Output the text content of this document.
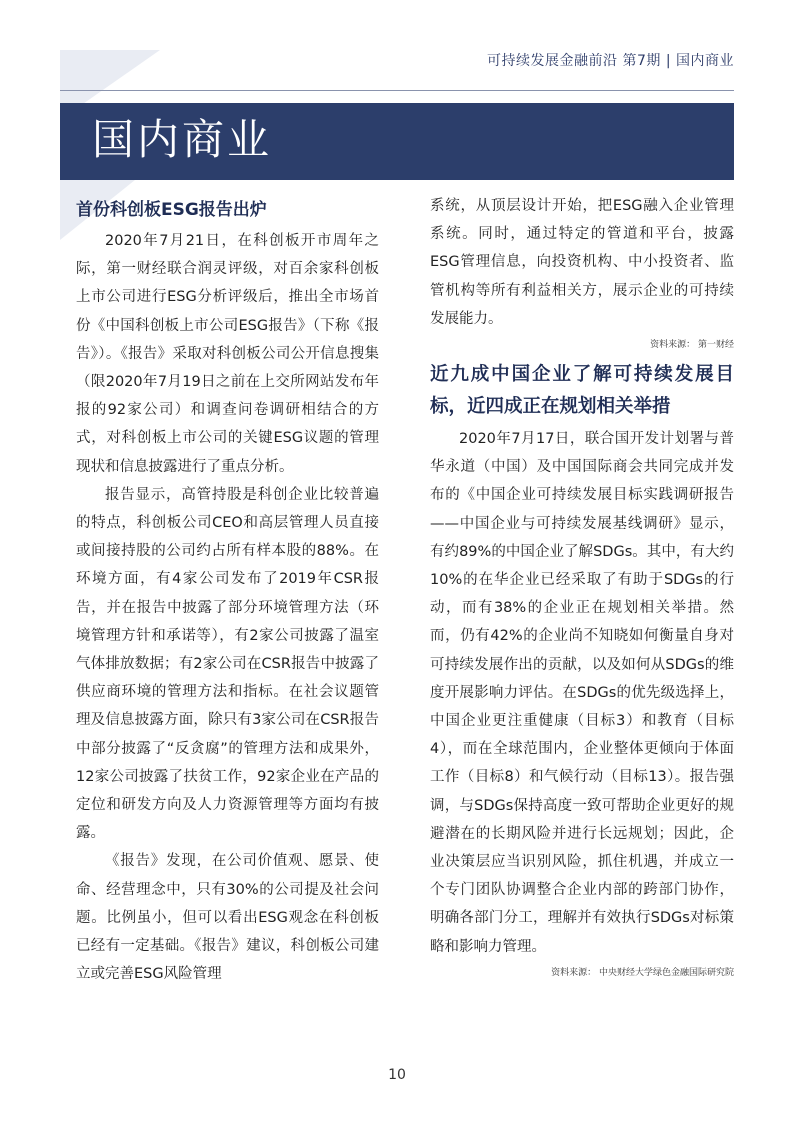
可持续发展金融前沿 第7期 | 国内商业
国内商业
首份科创板ESG报告出炉

2020年7月21日，在科创板开市周年之际，第一财经联合润灵评级，对百余家科创板上市公司进行ESG分析评级后，推出全市场首份《中国科创板上市公司ESG报告》（下称《报告》）。《报告》采取对科创板公司公开信息搜集（限2020年7月19日之前在上交所网站发布年报的92家公司）和调查问卷调研相结合的方式，对科创板上市公司的关键ESG议题的管理现状和信息披露进行了重点分析。

报告显示，高管持股是科创企业比较普遍的特点，科创板公司CEO和高层管理人员直接或间接持股的公司约占所有样本股的88%。在环境方面，有4家公司发布了2019年CSR报告，并在报告中披露了部分环境管理方法（环境管理方针和承诺等），有2家公司披露了温室气体排放数据；有2家公司在CSR报告中披露了供应商环境的管理方法和指标。在社会议题管理及信息披露方面，除只有3家公司在CSR报告中部分披露了“反贪腐”的管理方法和成果外，12家公司披露了扶贫工作，92家企业在产品的定位和研发方向及人力资源管理等方面均有披露。

《报告》发现，在公司价值观、愿景、使命、经营理念中，只有30%的公司提及社会问题。比例虽小，但可以看出ESG观念在科创板已经有一定基础。《报告》建议，科创板公司建立或完善ESG风险管理

系统，从顶层设计开始，把ESG融入企业管理系统。同时，通过特定的管道和平台，披露ESG管理信息，向投资机构、中小投资者、监管机构等所有利益相关方，展示企业的可持续发展能力。

资料来源： 第一财经
近九成中国企业了解可持续发展目标，近四成正在规划相关举措

2020年7月17日，联合国开发计划署与普华永道（中国）及中国国际商会共同完成并发布的《中国企业可持续发展目标实践调研报告——中国企业与可持续发展基线调研》显示，有约89%的中国企业了解SDGs。其中，有大约10%的在华企业已经采取了有助于SDGs的行动，而有38%的企业正在规划相关举措。然而，仍有42%的企业尚不知晓如何衡量自身对可持续发展作出的贡献，以及如何从SDGs的维度开展影响力评估。在SDGs的优先级选择上，中国企业更注重健康（目标3）和教育（目标4），而在全球范围内，企业整体更倾向于体面工作（目标8）和气候行动（目标13）。报告强调，与SDGs保持高度一致可帮助企业更好的规避潜在的长期风险并进行长远规划；因此，企业决策层应当识别风险，抓住机遇，并成立一个专门团队协调整合企业内部的跨部门协作，明确各部门分工，理解并有效执行SDGs对标策略和影响力管理。

资料来源： 中央财经大学绿色金融国际研究院
10
